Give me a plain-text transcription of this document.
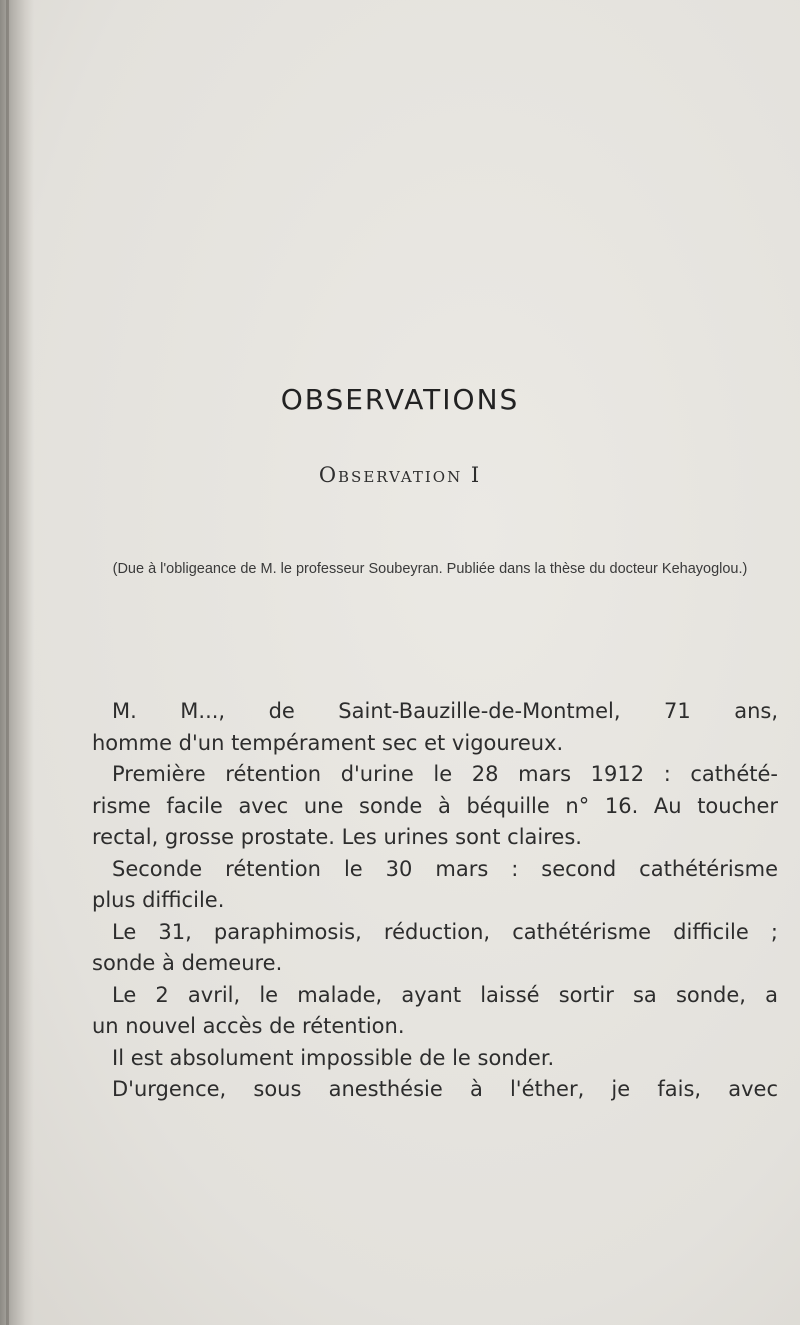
OBSERVATIONS
Observation I
(Due à l'obligeance de M. le professeur Soubeyran. Publiée dans la thèse du docteur Kehayoglou.)

M. M..., de Saint-Bauzille-de-Montmel, 71 ans,
homme d'un tempérament sec et vigoureux.

Première rétention d'urine le 28 mars 1912 : cathété-
risme facile avec une sonde à béquille n° 16. Au toucher
rectal, grosse prostate. Les urines sont claires.

Seconde rétention le 30 mars : second cathétérisme
plus difficile.

Le 31, paraphimosis, réduction, cathétérisme difficile ;
sonde à demeure.

Le 2 avril, le malade, ayant laissé sortir sa sonde, a
un nouvel accès de rétention.

Il est absolument impossible de le sonder.

D'urgence, sous anesthésie à l'éther, je fais, avec
